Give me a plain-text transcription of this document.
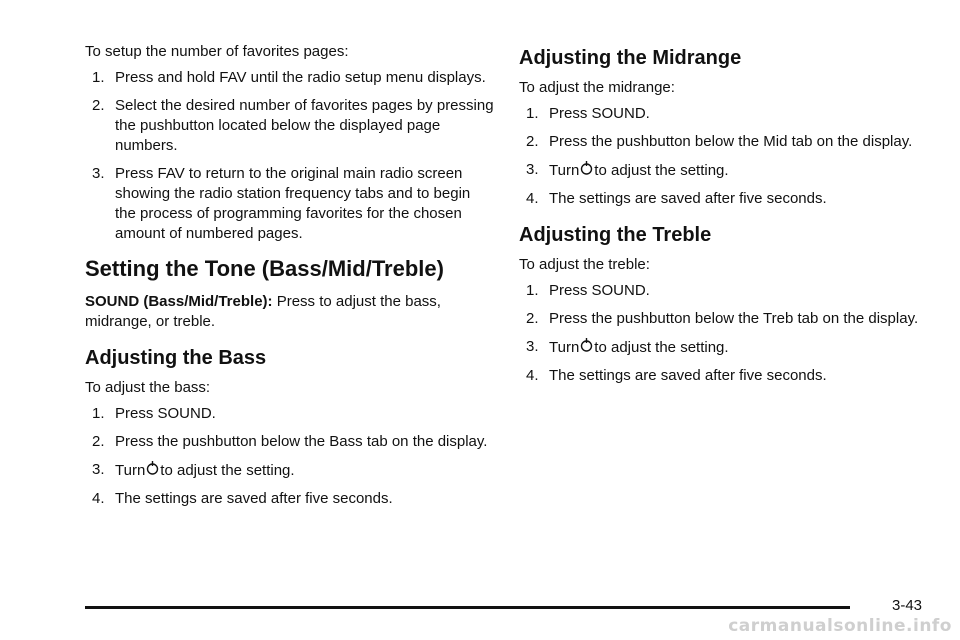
To setup the number of favorites pages:

1. Press and hold FAV until the radio setup menu displays.
2. Select the desired number of favorites pages by pressing the pushbutton located below the displayed page numbers.
3. Press FAV to return to the original main radio screen showing the radio station frequency tabs and to begin the process of programming favorites for the chosen amount of numbered pages.
Setting the Tone (Bass/Mid/Treble)

SOUND (Bass/Mid/Treble): Press to adjust the bass, midrange, or treble.

Adjusting the Bass

To adjust the bass:

1. Press SOUND.
2. Press the pushbutton below the Bass tab on the display.
3. Turn to adjust the setting.
4. The settings are saved after five seconds.
Adjusting the Midrange

To adjust the midrange:

1. Press SOUND.
2. Press the pushbutton below the Mid tab on the display.
3. Turn to adjust the setting.
4. The settings are saved after five seconds.
Adjusting the Treble

To adjust the treble:

1. Press SOUND.
2. Press the pushbutton below the Treb tab on the display.
3. Turn to adjust the setting.
4. The settings are saved after five seconds.
3-43
carmanualsonline.info
